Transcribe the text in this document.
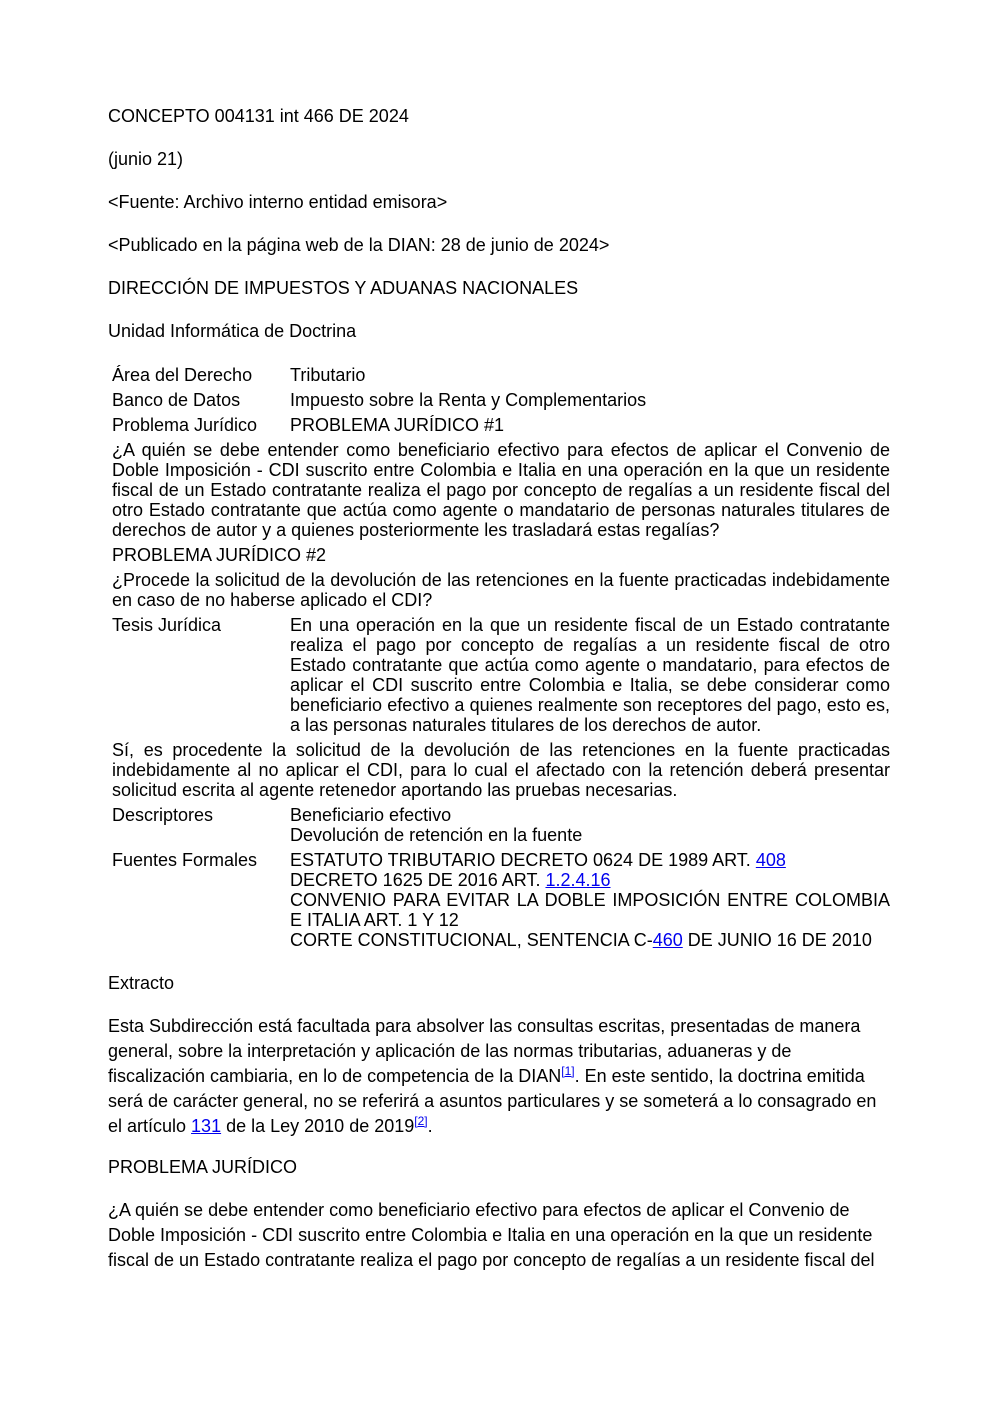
CONCEPTO 004131 int 466 DE 2024

(junio 21)

<Fuente: Archivo interno entidad emisora>

<Publicado en la página web de la DIAN: 28 de junio de 2024>

DIRECCIÓN DE IMPUESTOS Y ADUANAS NACIONALES

Unidad Informática de Doctrina

Área del Derecho	Tributario
Banco de Datos	Impuesto sobre la Renta y Complementarios
Problema Jurídico	PROBLEMA JURÍDICO #1
¿A quién se debe entender como beneficiario efectivo para efectos de aplicar el Convenio de Doble Imposición - CDI suscrito entre Colombia e Italia en una operación en la que un residente fiscal de un Estado contratante realiza el pago por concepto de regalías a un residente fiscal del otro Estado contratante que actúa como agente o mandatario de personas naturales titulares de derechos de autor y a quienes posteriormente les trasladará estas regalías?	
PROBLEMA JURÍDICO #2	
¿Procede la solicitud de la devolución de las retenciones en la fuente practicadas indebidamente en caso de no haberse aplicado el CDI?	
Tesis Jurídica	En una operación en la que un residente fiscal de un Estado contratante realiza el pago por concepto de regalías a un residente fiscal de otro Estado contratante que actúa como agente o mandatario, para efectos de aplicar el CDI suscrito entre Colombia e Italia, se debe considerar como beneficiario efectivo a quienes realmente son receptores del pago, esto es, a las personas naturales titulares de los derechos de autor.
Sí, es procedente la solicitud de la devolución de las retenciones en la fuente practicadas indebidamente al no aplicar el CDI, para lo cual el afectado con la retención deberá presentar solicitud escrita al agente retenedor aportando las pruebas necesarias.	
Descriptores	Beneficiario efectivo
Devolución de retención en la fuente

Fuentes Formales	ESTATUTO TRIBUTARIO DECRETO 0624 DE 1989 ART. 408
DECRETO 1625 DE 2016 ART. 1.2.4.16
CONVENIO PARA EVITAR LA DOBLE IMPOSICIÓN ENTRE COLOMBIA E ITALIA ART. 1 Y 12
CORTE CONSTITUCIONAL, SENTENCIA C-460 DE JUNIO 16 DE 2010

Extracto

Esta Subdirección está facultada para absolver las consultas escritas, presentadas de manera general, sobre la interpretación y aplicación de las normas tributarias, aduaneras y de fiscalización cambiaria, en lo de competencia de la DIAN[1]. En este sentido, la doctrina emitida será de carácter general, no se referirá a asuntos particulares y se someterá a lo consagrado en el artículo 131 de la Ley 2010 de 2019[2].

PROBLEMA JURÍDICO

¿A quién se debe entender como beneficiario efectivo para efectos de aplicar el Convenio de Doble Imposición - CDI suscrito entre Colombia e Italia en una operación en la que un residente fiscal de un Estado contratante realiza el pago por concepto de regalías a un residente fiscal del
